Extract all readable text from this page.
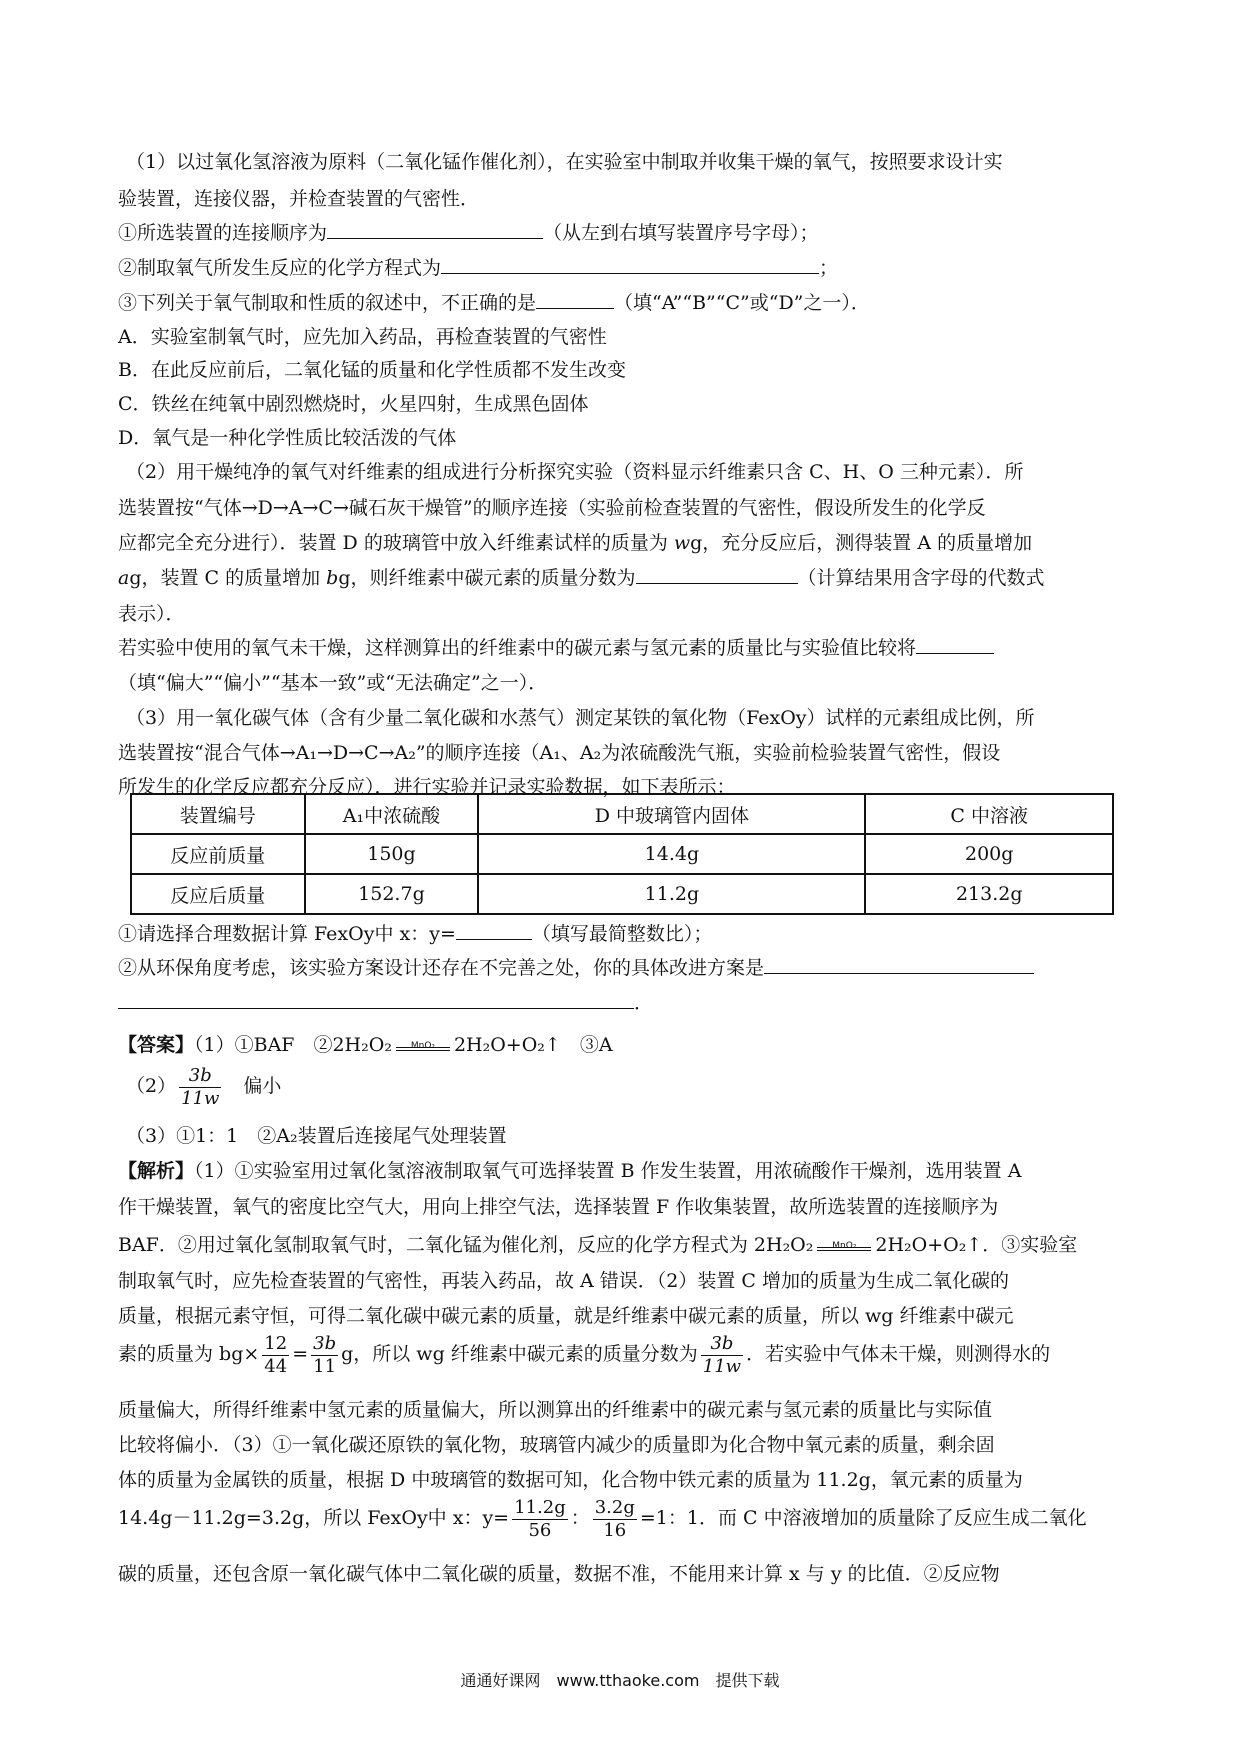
（1）以过氧化氢溶液为原料（二氧化锰作催化剂），在实验室中制取并收集干燥的氧气，按照要求设计实
验装置，连接仪器，并检查装置的气密性．
①所选装置的连接顺序为	（从左到右填写装置序号字母）；
②制取氧气所发生反应的化学方程式为	；
③下列关于氧气制取和性质的叙述中，不正确的是	（填“A”“B”“C”或“D”之一）．
A．实验室制氧气时，应先加入药品，再检查装置的气密性
B．在此反应前后，二氧化锰的质量和化学性质都不发生改变
C．铁丝在纯氧中剧烈燃烧时，火星四射，生成黑色固体
D．氧气是一种化学性质比较活泼的气体
（2）用干燥纯净的氧气对纤维素的组成进行分析探究实验（资料显示纤维素只含 C、H、O 三种元素）．所
选装置按“气体→D→A→C→碱石灰干燥管”的顺序连接（实验前检查装置的气密性，假设所发生的化学反
应都完全充分进行）．装置 D 的玻璃管中放入纤维素试样的质量为 wg，充分反应后，测得装置 A 的质量增加
ag，装置 C 的质量增加 bg，则纤维素中碳元素的质量分数为	（计算结果用含字母的代数式
表示）．
若实验中使用的氧气未干燥，这样测算出的纤维素中的碳元素与氢元素的质量比与实验值比较将
（填“偏大”“偏小”“基本一致”或“无法确定”之一）．
（3）用一氧化碳气体（含有少量二氧化碳和水蒸气）测定某铁的氧化物（FexOy）试样的元素组成比例，所
选装置按“混合气体→A₁→D→C→A₂”的顺序连接（A₁、A₂为浓硫酸洗气瓶，实验前检验装置气密性，假设
所发生的化学反应都充分反应）．进行实验并记录实验数据，如下表所示：
装置编号	A₁中浓硫酸	D 中玻璃管内固体	C 中溶液
反应前质量	150g	14.4g	200g
反应后质量	152.7g	11.2g	213.2g
①请选择合理数据计算 FexOy中 x：y=	（填写最简整数比）；
②从环保角度考虑，该实验方案设计还存在不完善之处，你的具体改进方案是
．
【答案】（1）①BAF　②2H₂O₂	MnO₂ 2H₂O+O₂↑　③A
$(2) \frac{3b}{11w}$
　 偏小
（3）①1：1　②A₂装置后连接尾气处理装置
【解析】（1）①实验室用过氧化氢溶液制取氧气可选择装置 B 作发生装置，用浓硫酸作干燥剂，选用装置 A
作干燥装置，氧气的密度比空气大，用向上排空气法，选择装置 F 作收集装置，故所选装置的连接顺序为
BAF．②用过氧化氢制取氧气时，二氧化锰为催化剂，反应的化学方程式为 2H₂O₂	MnO₂ 2H₂O+O₂↑．③实验室
制取氧气时，应先检查装置的气密性，再装入药品，故 A 错误．（2）装置 C 增加的质量为生成二氧化碳的
质量，根据元素守恒，可得二氧化碳中碳元素的质量，就是纤维素中碳元素的质量，所以 wg 纤维素中碳元
素的质量为 $bg\times \frac{12}{44} = \frac{3b}{11}$ g，所以 wg 纤维素中碳元素的质量分数为 $\frac{3b}{11w}$ ．若实验中气体未干燥，则测得水的
质量偏大，所得纤维素中氢元素的质量偏大，所以测算出的纤维素中的碳元素与氢元素的质量比与实际值
比较将偏小．（3）①一氧化碳还原铁的氧化物，玻璃管内减少的质量即为化合物中氧元素的质量，剩余固
体的质量为金属铁的质量，根据 D 中玻璃管的数据可知，化合物中铁元素的质量为 11.2g，氧元素的质量为
14.4g－11.2g=3.2g，所以 FexOy中 x：$y= \frac{11.2g}{56}$ ： $\frac{3.2g}{16} =1$：1．而 C 中溶液增加的质量除了反应生成二氧化
碳的质量，还包含原一氧化碳气体中二氧化碳的质量，数据不准，不能用来计算 x 与 y 的比值．②反应物
通通好课网　www.tthaoke.com　提供下载
